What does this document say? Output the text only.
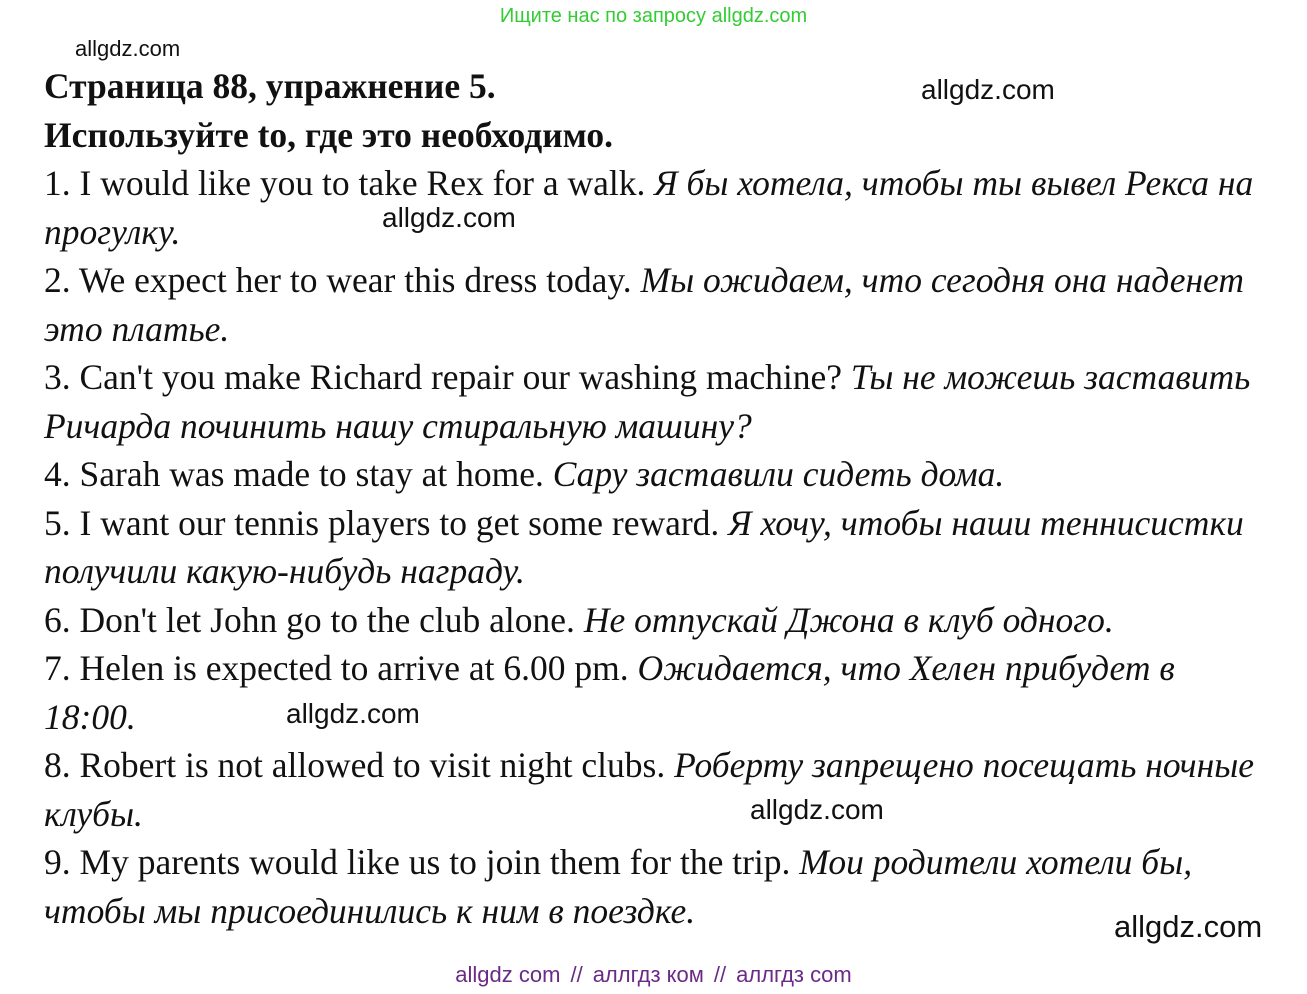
Ищите нас по запросу allgdz.com
allgdz.com
allgdz.com
allgdz.com
allgdz.com
allgdz.com
allgdz.com

Страница 88, упражнение 5.

Используйте to, где это необходимо.

1. I would like you to take Rex for a walk. Я бы хотела, чтобы ты вывел Рекса на прогулку.

2. We expect her to wear this dress today. Мы ожидаем, что сегодня она наденет это платье.

3. Can't you make Richard repair our washing machine? Ты не можешь заставить Ричарда починить нашу стиральную машину?

4. Sarah was made to stay at home. Сару заставили сидеть дома.

5. I want our tennis players to get some reward. Я хочу, чтобы наши теннисистки получили какую-нибудь награду.

6. Don't let John go to the club alone. Не отпускай Джона в клуб одного.

7. Helen is expected to arrive at 6.00 pm. Ожидается, что Хелен прибудет в 18:00.

8. Robert is not allowed to visit night clubs. Роберту запрещено посещать ночные клубы.

9. My parents would like us to join them for the trip. Мои родители хотели бы, чтобы мы присоединились к ним в поездке.

allgdz com // аллгдз ком // аллгдз com
